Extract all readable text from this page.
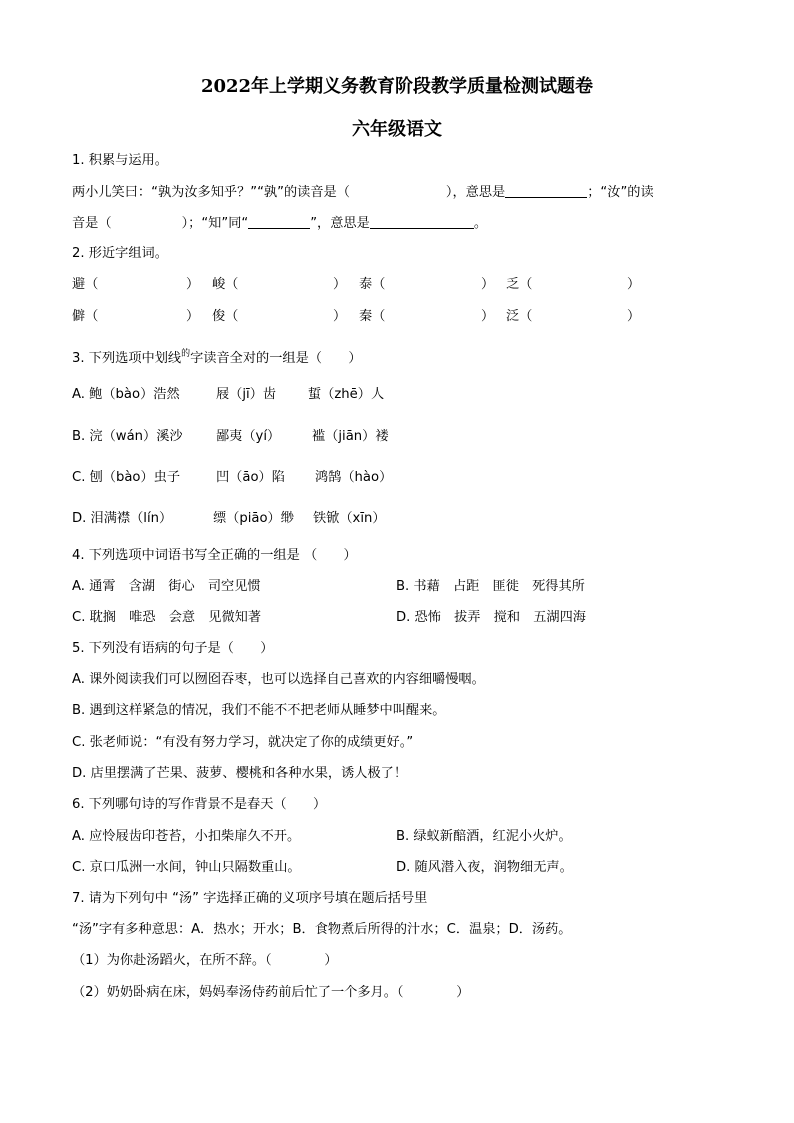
2022年上学期义务教育阶段教学质量检测试题卷
六年级语文
1. 积累与运用。
两小儿笑曰：“孰为汝多知乎？”“孰”的读音是（	），意思是	；“汝”的读
音是（	）；“知”同“	”，意思是	。
2. 形近字组词。
避（	） 峻（	） 泰（	） 乏（	）
僻（	） 俊（	） 秦（	） 泛（	）
3. 下列选项中划线$^的$字读音全对的一组是（　　）
A. 鲍（bào）浩然	屐（jī）齿 蜇（zhē）人
B. 浣（wán）溪沙	鄙夷（yí） 褴（jiān）褛
C. 刨（bào）虫子	凹（āo）陷 鸿鹄（hào）
D. 泪满襟（lín）	缥（piāo）缈 铁锨（xīn）
4. 下列选项中词语书写全正确的一组是 （　　）
A. 通霄　含湖　街心　司空见惯	B. 书藉　占距　匪徙　死得其所
C. 耽搁　唯恐　会意　见微知著	D. 恐怖　拔弄　搅和　五湖四海
5. 下列没有语病的句子是（　　）
A. 课外阅读我们可以囫囵吞枣，也可以选择自己喜欢的内容细嚼慢咽。
B. 遇到这样紧急的情况，我们不能不不把老师从睡梦中叫醒来。
C. 张老师说：“有没有努力学习，就决定了你的成绩更好。”
D. 店里摆满了芒果、菠萝、樱桃和各种水果，诱人极了！
6. 下列哪句诗的写作背景不是春天（　　）
A. 应怜屐齿印苍苔，小扣柴扉久不开。	B. 绿蚁新醅酒，红泥小火炉。
C. 京口瓜洲一水间，钟山只隔数重山。	D. 随风潜入夜，润物细无声。
7. 请为下列句中 “汤” 字选择正确的义项序号填在题后括号里
“汤”字有多种意思：A．热水；开水；B．食物煮后所得的汁水；C．温泉；D．汤药。
（1）为你赴汤蹈火，在所不辞。（　　　　）
（2）奶奶卧病在床，妈妈奉汤侍药前后忙了一个多月。（　　　　）
